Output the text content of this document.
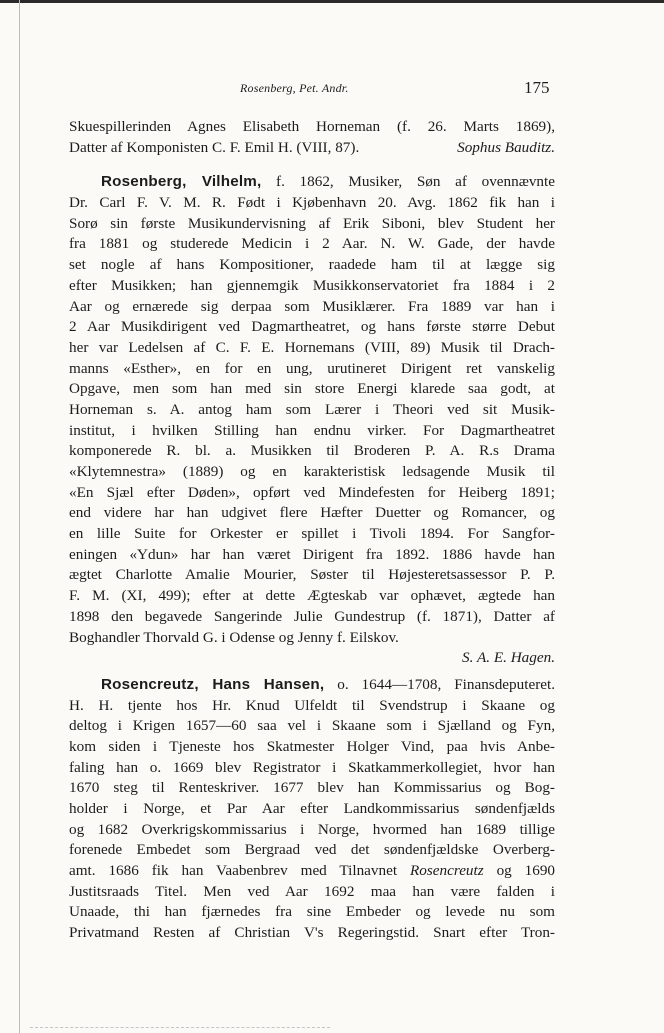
Rosenberg, Pet. Andr.	175
Skuespillerinden Agnes Elisabeth Horneman (f. 26. Marts 1869),
Datter af Komponisten C. F. Emil H. (VIII, 87).	Sophus Bauditz.
Rosenberg, Vilhelm, f. 1862, Musiker, Søn af ovennævnte
Dr. Carl F. V. M. R. Født i Kjøbenhavn 20. Avg. 1862 fik han i
Sorø sin første Musikundervisning af Erik Siboni, blev Student her
fra 1881 og studerede Medicin i 2 Aar. N. W. Gade, der havde
set nogle af hans Kompositioner, raadede ham til at lægge sig
efter Musikken; han gjennemgik Musikkonservatoriet fra 1884 i 2
Aar og ernærede sig derpaa som Musiklærer. Fra 1889 var han i
2 Aar Musikdirigent ved Dagmartheatret, og hans første større Debut
her var Ledelsen af C. F. E. Hornemans (VIII, 89) Musik til Drach-
manns «Esther», en for en ung, urutineret Dirigent ret vanskelig
Opgave, men som han med sin store Energi klarede saa godt, at
Horneman s. A. antog ham som Lærer i Theori ved sit Musik-
institut, i hvilken Stilling han endnu virker. For Dagmartheatret
komponerede R. bl. a. Musikken til Broderen P. A. R.s Drama
«Klytemnestra» (1889) og en karakteristisk ledsagende Musik til
«En Sjæl efter Døden», opført ved Mindefesten for Heiberg 1891;
end videre har han udgivet flere Hæfter Duetter og Romancer, og
en lille Suite for Orkester er spillet i Tivoli 1894. For Sangfor-
eningen «Ydun» har han været Dirigent fra 1892. 1886 havde han
ægtet Charlotte Amalie Mourier, Søster til Højesteretsassessor P. P.
F. M. (XI, 499); efter at dette Ægteskab var ophævet, ægtede han
1898 den begavede Sangerinde Julie Gundestrup (f. 1871), Datter af
Boghandler Thorvald G. i Odense og Jenny f. Eilskov.
S. A. E. Hagen.
Rosencreutz, Hans Hansen, o. 1644—1708, Finansdeputeret.
H. H. tjente hos Hr. Knud Ulfeldt til Svendstrup i Skaane og
deltog i Krigen 1657—60 saa vel i Skaane som i Sjælland og Fyn,
kom siden i Tjeneste hos Skatmester Holger Vind, paa hvis Anbe-
faling han o. 1669 blev Registrator i Skatkammerkollegiet, hvor han
1670 steg til Renteskriver. 1677 blev han Kommissarius og Bog-
holder i Norge, et Par Aar efter Landkommissarius søndenfjælds
og 1682 Overkrigskommissarius i Norge, hvormed han 1689 tillige
forenede Embedet som Bergraad ved det søndenfjældske Overberg-
amt. 1686 fik han Vaabenbrev med Tilnavnet Rosencreutz og 1690
Justitsraads Titel. Men ved Aar 1692 maa han være falden i
Unaade, thi han fjærnedes fra sine Embeder og levede nu som
Privatmand Resten af Christian V's Regeringstid. Snart efter Tron-
